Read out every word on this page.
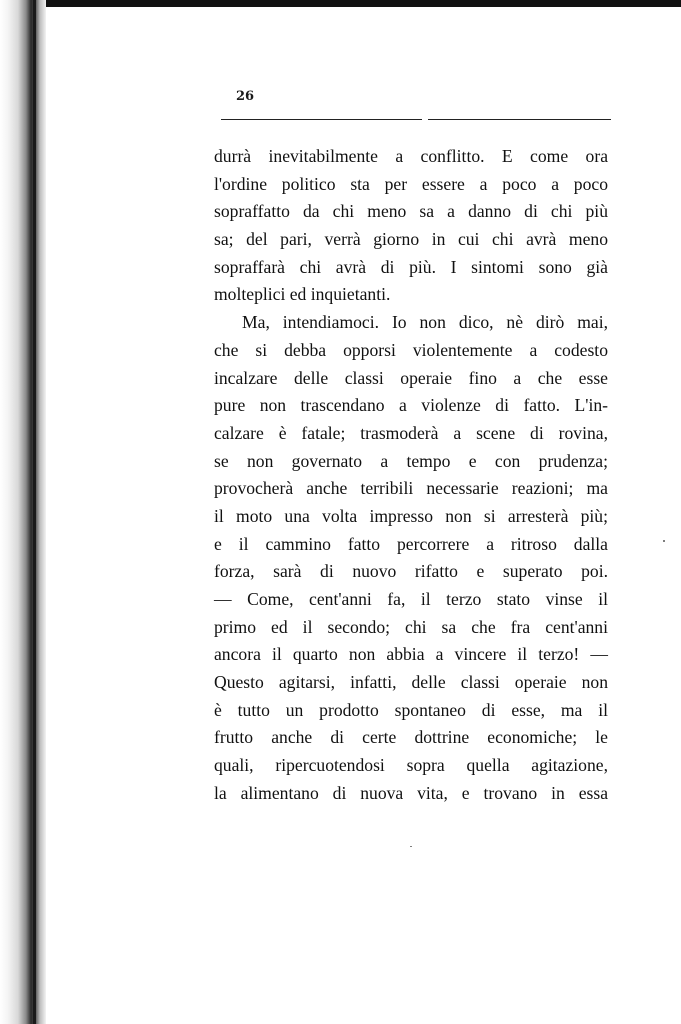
26
durrà inevitabilmente a conflitto. E come ora
l'ordine politico sta per essere a poco a poco
sopraffatto da chi meno sa a danno di chi più
sa; del pari, verrà giorno in cui chi avrà meno
sopraffarà chi avrà di più. I sintomi sono già
molteplici ed inquietanti.
Ma, intendiamoci. Io non dico, nè dirò mai,
che si debba opporsi violentemente a codesto
incalzare delle classi operaie fino a che esse
pure non trascendano a violenze di fatto. L'in-
calzare è fatale; trasmoderà a scene di rovina,
se non governato a tempo e con prudenza;
provocherà anche terribili necessarie reazioni; ma
il moto una volta impresso non si arresterà più;
e il cammino fatto percorrere a ritroso dalla
forza, sarà di nuovo rifatto e superato poi.
— Come, cent'anni fa, il terzo stato vinse il
primo ed il secondo; chi sa che fra cent'anni
ancora il quarto non abbia a vincere il terzo! —
Questo agitarsi, infatti, delle classi operaie non
è tutto un prodotto spontaneo di esse, ma il
frutto anche di certe dottrine economiche; le
quali, ripercuotendosi sopra quella agitazione,
la alimentano di nuova vita, e trovano in essa
